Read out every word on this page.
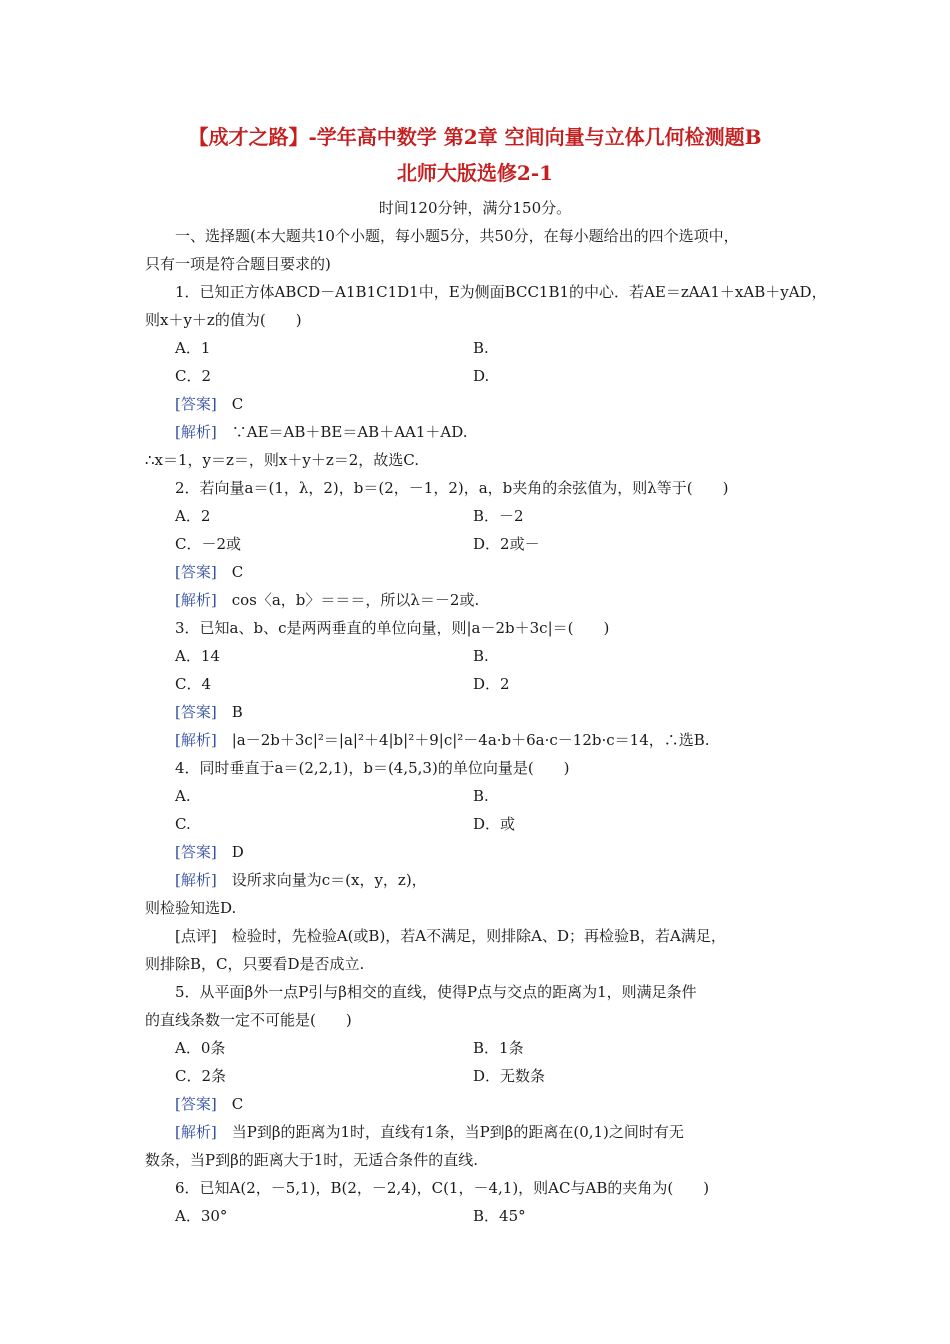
【成才之路】-学年高中数学 第2章 空间向量与立体几何检测题B
北师大版选修2-1
时间120分钟，满分150分。
一、选择题(本大题共10个小题，每小题5分，共50分，在每小题给出的四个选项中，
只有一项是符合题目要求的)
1．已知正方体ABCD－A1B1C1D1中，E为侧面BCC1B1的中心．若AE＝zAA1＋xAB＋yAD，
则x＋y＋z的值为(　　)
A．1	B.
C．2	D.
[答案]　 C
[解析]　 ∵AE＝AB＋BE＝AB＋AA1＋AD.
∴x＝1，y＝z＝，则x＋y＋z＝2，故选C.
2．若向量a＝(1，λ，2)，b＝(2，－1，2)，a，b夹角的余弦值为，则λ等于(　　)
A．2	B．－2
C．－2或	D．2或－
[答案]　 C
[解析]　 cos〈a，b〉＝＝＝，所以λ＝－2或.
3．已知a、b、c是两两垂直的单位向量，则|a－2b＋3c|＝(　　)
A．14	B.
C．4	D．2
[答案]　 B
[解析]　 |a－2b＋3c|²＝|a|²＋4|b|²＋9|c|²－4a·b＋6a·c－12b·c＝14，∴选B.
4．同时垂直于a＝(2,2,1)，b＝(4,5,3)的单位向量是(　　)
A.	B.
C.	D．或
[答案]　 D
[解析]　 设所求向量为c＝(x，y，z)，
则检验知选D.
[点评]　 检验时，先检验A(或B)，若A不满足，则排除A、D；再检验B，若A满足，
则排除B，C，只要看D是否成立.
5．从平面β外一点P引与β相交的直线，使得P点与交点的距离为1，则满足条件
的直线条数一定不可能是(　　)
A．0条	B．1条
C．2条	D．无数条
[答案]　 C
[解析]　 当P到β的距离为1时，直线有1条，当P到β的距离在(0,1)之间时有无
数条，当P到β的距离大于1时，无适合条件的直线.
6．已知A(2，－5,1)，B(2，－2,4)，C(1，－4,1)，则AC与AB的夹角为(　　)
A．30°	B．45°
